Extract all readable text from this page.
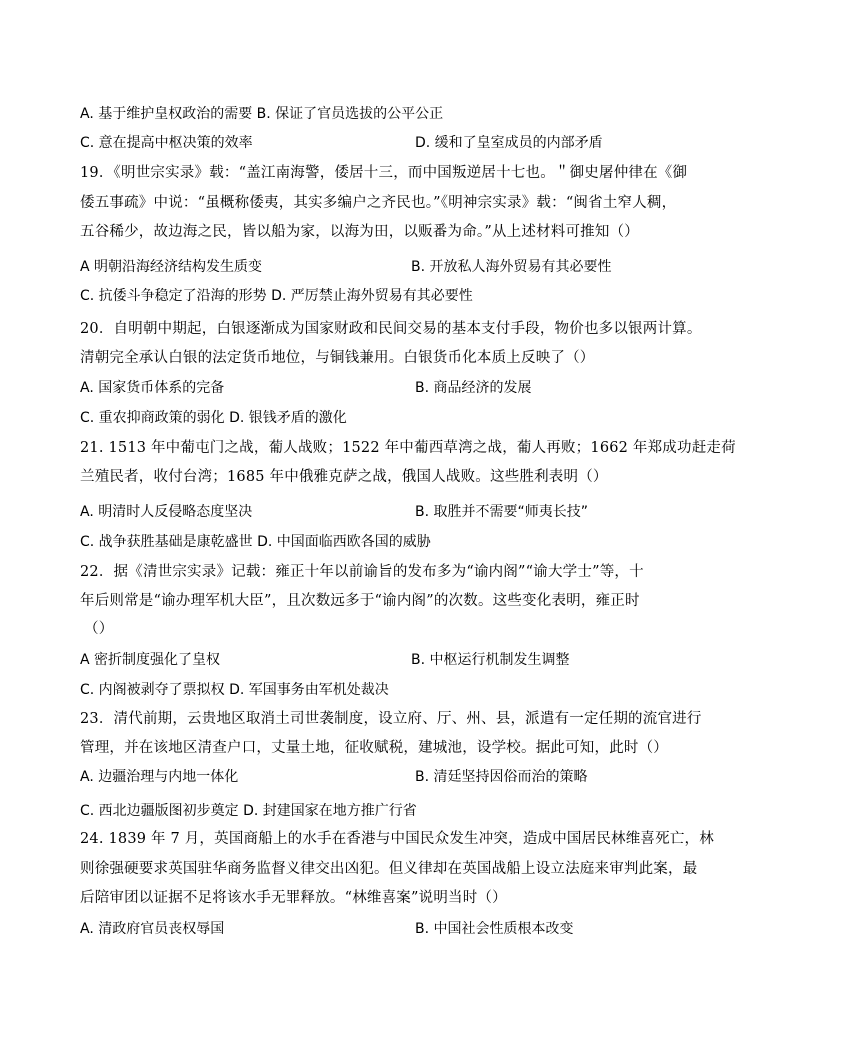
A. 基于维护皇权政治的需要 B. 保证了官员选拔的公平公正
C. 意在提高中枢决策的效率	D. 缓和了皇室成员的内部矛盾
19．《明世宗实录》载：“盖江南海警，倭居十三，而中国叛逆居十七也。＂御史屠仲律在《御
倭五事疏》中说：“虽概称倭夷，其实多编户之齐民也。”《明神宗实录》载：“闽省土窄人稠，
五谷稀少，故边海之民，皆以船为家，以海为田，以贩番为命。”从上述材料可推知（）
A 明朝沿海经济结构发生质变	B. 开放私人海外贸易有其必要性
C. 抗倭斗争稳定了沿海的形势 D. 严厉禁止海外贸易有其必要性
20．自明朝中期起，白银逐渐成为国家财政和民间交易的基本支付手段，物价也多以银两计算。
清朝完全承认白银的法定货币地位，与铜钱兼用。白银货币化本质上反映了（）
A. 国家货币体系的完备	B. 商品经济的发展
C. 重农抑商政策的弱化 D. 银钱矛盾的激化
21. 1513 年中葡屯门之战，葡人战败；1522 年中葡西草湾之战，葡人再败；1662 年郑成功赶走荷
兰殖民者，收付台湾；1685 年中俄雅克萨之战，俄国人战败。这些胜利表明（）
A. 明清时人反侵略态度坚决	B. 取胜并不需要“师夷长技”
C. 战争获胜基础是康乾盛世 D. 中国面临西欧各国的威胁
22．据《清世宗实录》记载：雍正十年以前谕旨的发布多为“谕内阁”“谕大学士”等，十
年后则常是“谕办理军机大臣”，且次数远多于“谕内阁”的次数。这些变化表明，雍正时
（）
A 密折制度强化了皇权	B. 中枢运行机制发生调整
C. 内阁被剥夺了票拟权 D. 军国事务由军机处裁决
23．清代前期，云贵地区取消土司世袭制度，设立府、厅、州、县，派遣有一定任期的流官进行
管理，并在该地区清查户口，丈量土地，征收赋税，建城池，设学校。据此可知，此时（）
A. 边疆治理与内地一体化	B. 清廷坚持因俗而治的策略
C. 西北边疆版图初步奠定 D. 封建国家在地方推广行省
24. 1839 年 7 月，英国商船上的水手在香港与中国民众发生冲突，造成中国居民林维喜死亡，林
则徐强硬要求英国驻华商务监督义律交出凶犯。但义律却在英国战船上设立法庭来审判此案，最
后陪审团以证据不足将该水手无罪释放。“林维喜案”说明当时（）
A. 清政府官员丧权辱国	B. 中国社会性质根本改变
